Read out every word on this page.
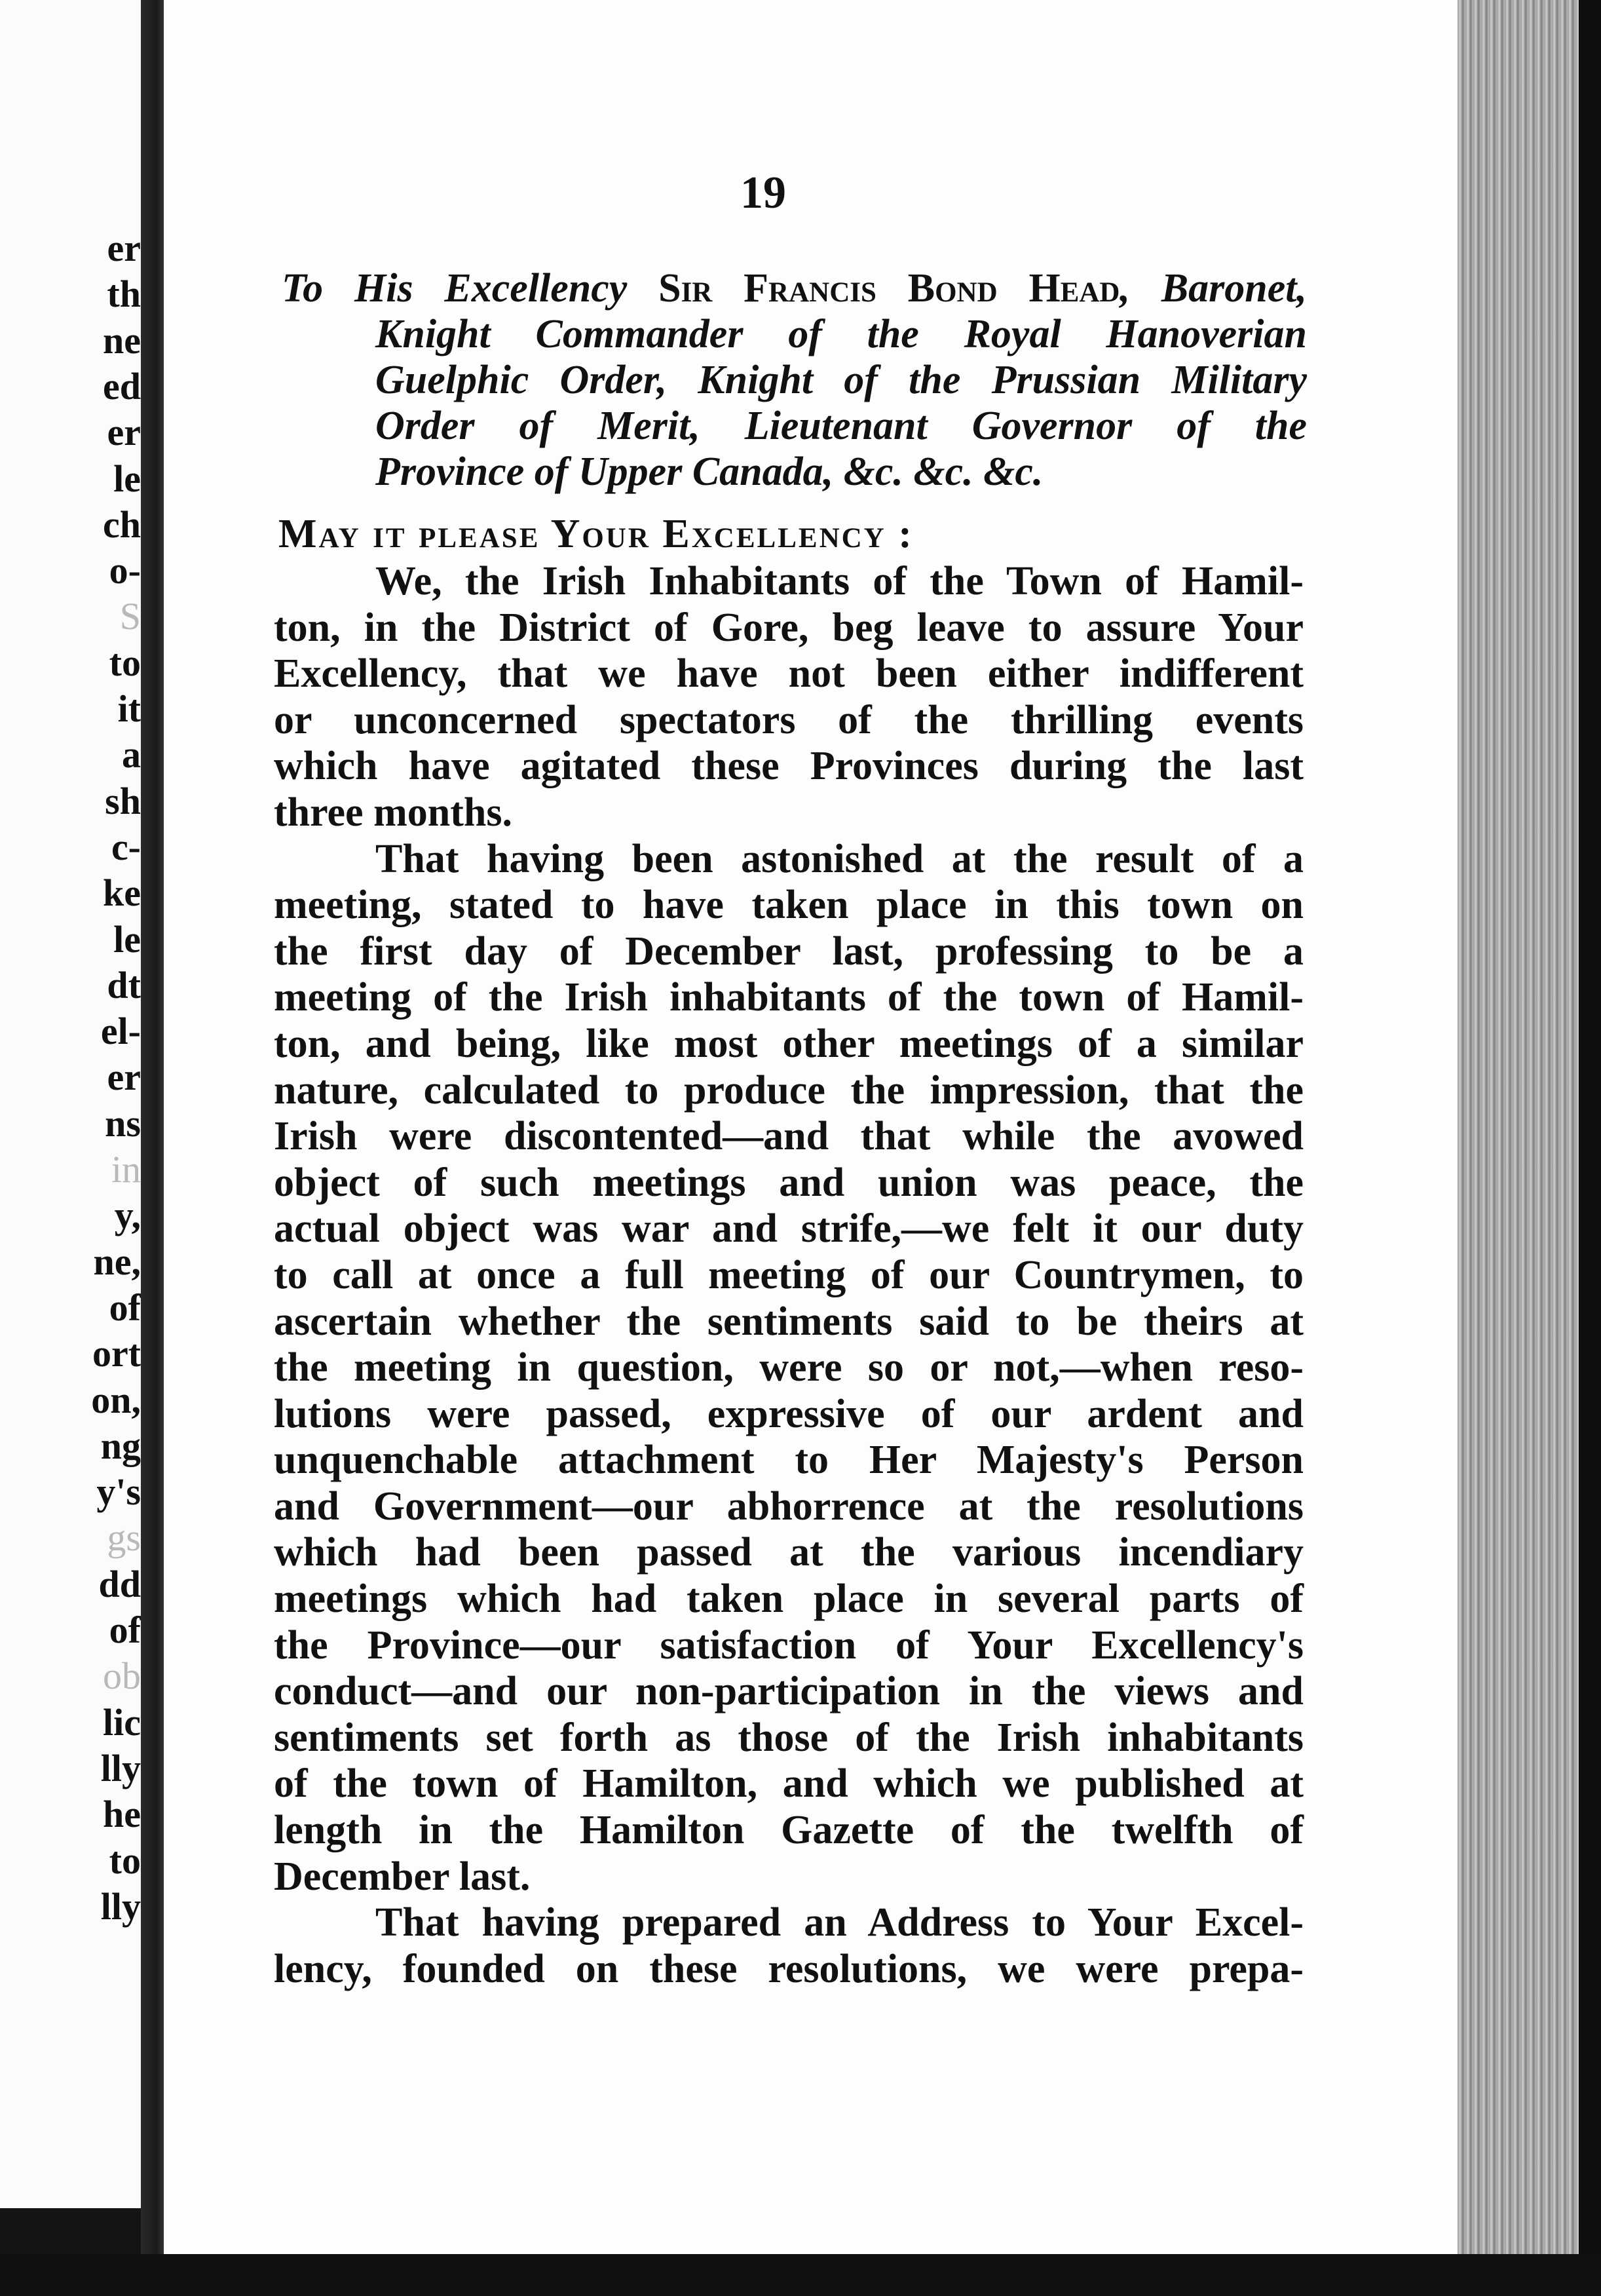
er
th
ne
ed
er
le
ch
o-
S
to
it
a
sh
c-
ke
le
dt
el-
er
ns
in
y,
ne,
of
ort
on,
ng
y's
gs
dd
of
ob
lic
lly
he
to
lly
19
To His Excellency Sir Francis Bond Head, Baronet,
Knight Commander of the Royal Hanoverian
Guelphic Order, Knight of the Prussian Military
Order of Merit, Lieutenant Governor of the
Province of Upper Canada, &c. &c. &c.
May it please Your Excellency :
We, the Irish Inhabitants of the Town of Hamil-
ton, in the District of Gore, beg leave to assure Your
Excellency, that we have not been either indifferent
or unconcerned spectators of the thrilling events
which have agitated these Provinces during the last
three months.
That having been astonished at the result of a
meeting, stated to have taken place in this town on
the first day of December last, professing to be a
meeting of the Irish inhabitants of the town of Hamil-
ton, and being, like most other meetings of a similar
nature, calculated to produce the impression, that the
Irish were discontented—and that while the avowed
object of such meetings and union was peace, the
actual object was war and strife,—we felt it our duty
to call at once a full meeting of our Countrymen, to
ascertain whether the sentiments said to be theirs at
the meeting in question, were so or not,—when reso-
lutions were passed, expressive of our ardent and
unquenchable attachment to Her Majesty's Person
and Government—our abhorrence at the resolutions
which had been passed at the various incendiary
meetings which had taken place in several parts of
the Province—our satisfaction of Your Excellency's
conduct—and our non-participation in the views and
sentiments set forth as those of the Irish inhabitants
of the town of Hamilton, and which we published at
length in the Hamilton Gazette of the twelfth of
December last.
That having prepared an Address to Your Excel-
lency, founded on these resolutions, we were prepa-
